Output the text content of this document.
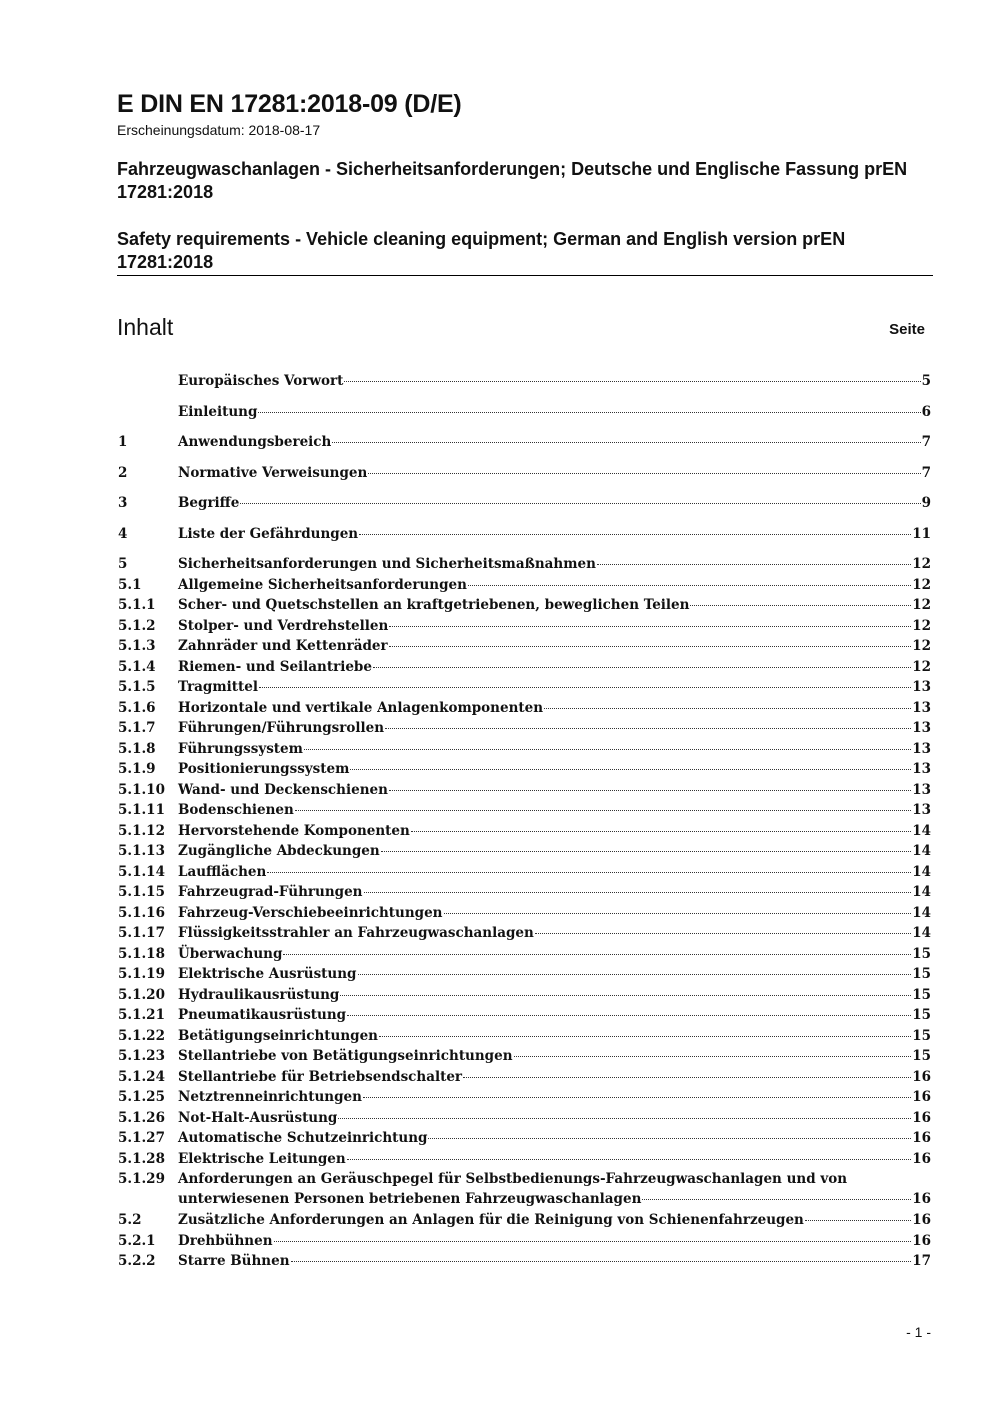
E DIN EN 17281:2018-09 (D/E)
Erscheinungsdatum: 2018-08-17
Fahrzeugwaschanlagen - Sicherheitsanforderungen; Deutsche und Englische Fassung prEN 17281:2018
Safety requirements - Vehicle cleaning equipment; German and English version prEN 17281:2018
Inhalt	Seite
Europäisches Vorwort	5
Einleitung	6
1	Anwendungsbereich	7
2	Normative Verweisungen	7
3	Begriffe	9
4	Liste der Gefährdungen	11
5	Sicherheitsanforderungen und Sicherheitsmaßnahmen	12
5.1	Allgemeine Sicherheitsanforderungen	12
5.1.1	Scher- und Quetschstellen an kraftgetriebenen, beweglichen Teilen	12
5.1.2	Stolper- und Verdrehstellen	12
5.1.3	Zahnräder und Kettenräder	12
5.1.4	Riemen- und Seilantriebe	12
5.1.5	Tragmittel	13
5.1.6	Horizontale und vertikale Anlagenkomponenten	13
5.1.7	Führungen/Führungsrollen	13
5.1.8	Führungssystem	13
5.1.9	Positionierungssystem	13
5.1.10 Wand- und Deckenschienen	13
5.1.11 Bodenschienen	13
5.1.12 Hervorstehende Komponenten	14
5.1.13 Zugängliche Abdeckungen	14
5.1.14 Laufflächen	14
5.1.15 Fahrzeugrad-Führungen	14
5.1.16 Fahrzeug-Verschiebeeinrichtungen	14
5.1.17 Flüssigkeitsstrahler an Fahrzeugwaschanlagen	14
5.1.18 Überwachung	15
5.1.19 Elektrische Ausrüstung	15
5.1.20 Hydraulikausrüstung	15
5.1.21 Pneumatikausrüstung	15
5.1.22 Betätigungseinrichtungen	15
5.1.23 Stellantriebe von Betätigungseinrichtungen	15
5.1.24 Stellantriebe für Betriebsendschalter	16
5.1.25 Netztrenneinrichtungen	16
5.1.26 Not-Halt-Ausrüstung	16
5.1.27 Automatische Schutzeinrichtung	16
5.1.28 Elektrische Leitungen	16
5.1.29 Anforderungen an Geräuschpegel für Selbstbedienungs-Fahrzeugwaschanlagen und von
unterwiesenen Personen betriebenen Fahrzeugwaschanlagen	16
5.2	Zusätzliche Anforderungen an Anlagen für die Reinigung von Schienenfahrzeugen	16
5.2.1	Drehbühnen	16
5.2.2	Starre Bühnen	17
- 1 -
